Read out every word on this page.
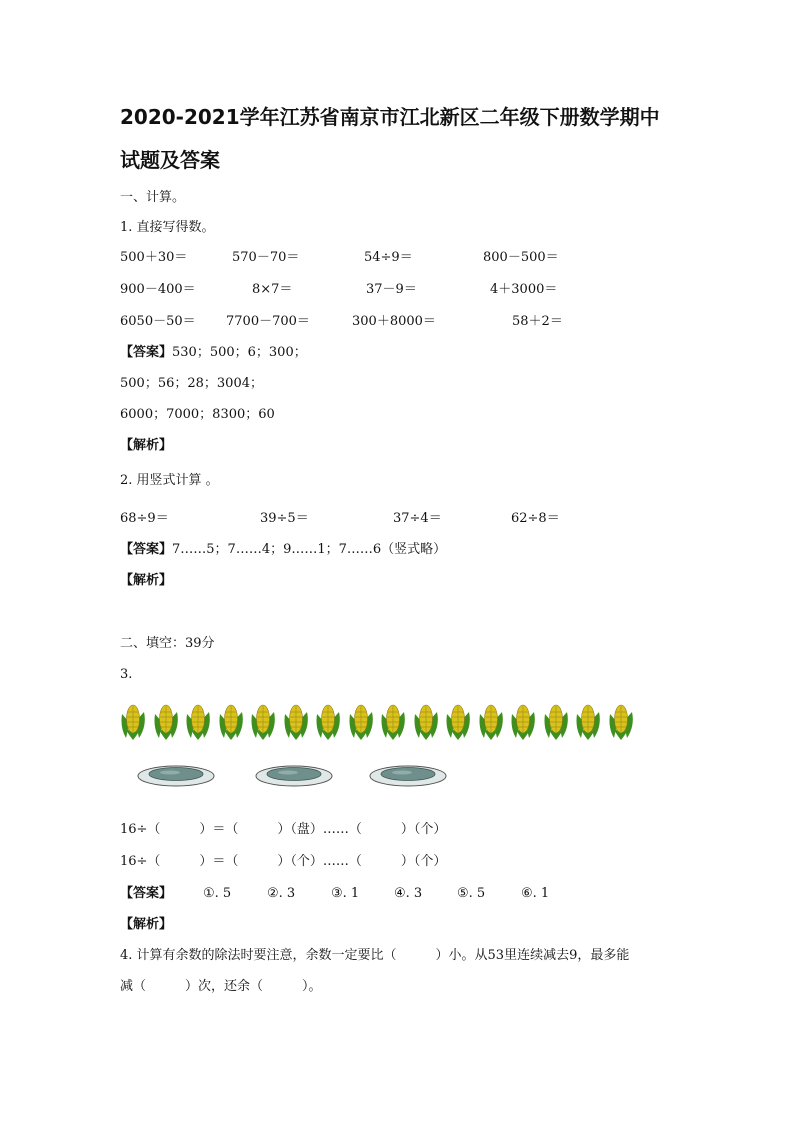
2020-2021学年江苏省南京市江北新区二年级下册数学期中
试题及答案
一、计算。
1. 直接写得数。
500＋30＝	570－70＝	54÷9＝	800－500＝
900－400＝	8×7＝	37－9＝	4＋3000＝
6050－50＝ 7700－700＝	300＋8000＝	58＋2＝
【答案】530；500；6；300；
500；56；28；3004；
6000；7000；8300；60
【解析】
2. 用竖式计算 。
68÷9＝	39÷5＝	37÷4＝	62÷8＝
【答案】7……5；7……4；9……1；7……6（竖式略）
【解析】
二、填空：39分
3.
16÷（　　　）＝（　　　）（盘）……（　　　）（个）
16÷（　　　）＝（　　　）（个）……（　　　）（个）
【答案】 ①. 5	②. 3	③. 1	④. 3	⑤. 5	⑥. 1
【解析】
4. 计算有余数的除法时要注意，余数一定要比（　　　）小。从53里连续减去9，最多能
减（　　　）次，还余（　　　）。
